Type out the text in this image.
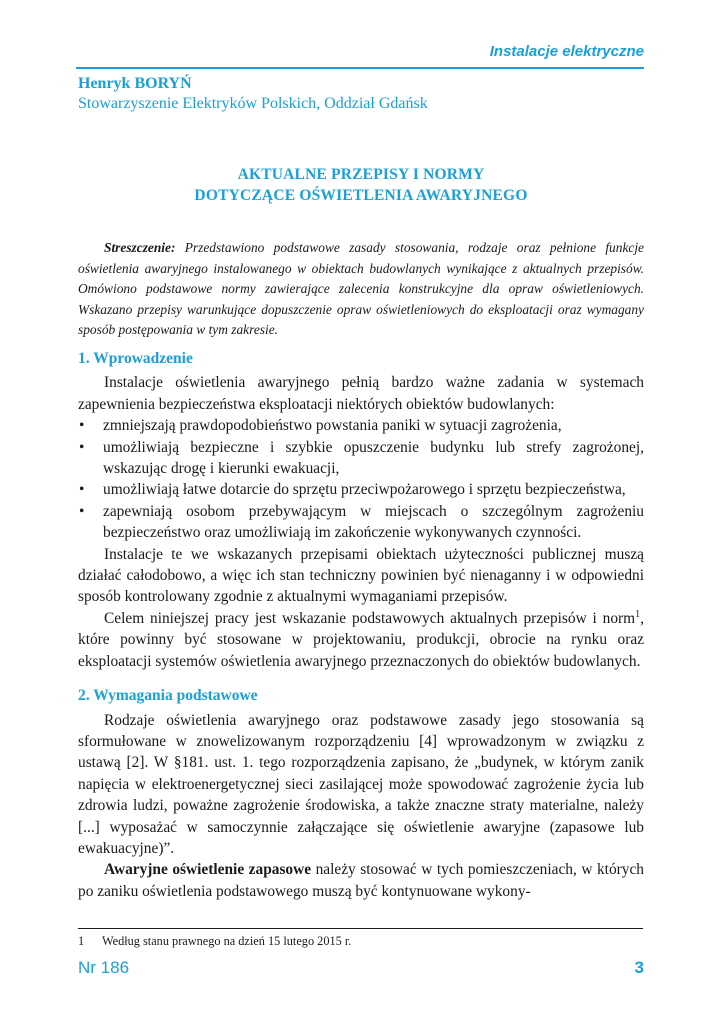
Instalacje elektryczne
Henryk BORYŃ
Stowarzyszenie Elektryków Polskich, Oddział Gdańsk
AKTUALNE PRZEPISY I NORMY
DOTYCZĄCE OŚWIETLENIA AWARYJNEGO
Streszczenie: Przedstawiono podstawowe zasady stosowania, rodzaje oraz pełnione funkcje oświetlenia awaryjnego instalowanego w obiektach budowlanych wynikające z aktualnych przepisów. Omówiono podstawowe normy zawierające zalecenia konstrukcyjne dla opraw oświetleniowych. Wskazano przepisy warunkujące dopuszczenie opraw oświetleniowych do eksploatacji oraz wymagany sposób postępowania w tym zakresie.
1. Wprowadzenie

Instalacje oświetlenia awaryjnego pełnią bardzo ważne zadania w systemach zapewnienia bezpieczeństwa eksploatacji niektórych obiektów budowlanych:

• zmniejszają prawdopodobieństwo powstania paniki w sytuacji zagrożenia,
• umożliwiają bezpieczne i szybkie opuszczenie budynku lub strefy zagrożonej, wskazując drogę i kierunki ewakuacji,
• umożliwiają łatwe dotarcie do sprzętu przeciwpożarowego i sprzętu bezpieczeństwa,
• zapewniają osobom przebywającym w miejscach o szczególnym zagrożeniu bezpieczeństwo oraz umożliwiają im zakończenie wykonywanych czynności.

Instalacje te we wskazanych przepisami obiektach użyteczności publicznej muszą działać całodobowo, a więc ich stan techniczny powinien być nienaganny i w odpowiedni sposób kontrolowany zgodnie z aktualnymi wymaganiami przepisów.

Celem niniejszej pracy jest wskazanie podstawowych aktualnych przepisów i norm$^1$, które powinny być stosowane w projektowaniu, produkcji, obrocie na rynku oraz eksploatacji systemów oświetlenia awaryjnego przeznaczonych do obiektów budowlanych.

2. Wymagania podstawowe

Rodzaje oświetlenia awaryjnego oraz podstawowe zasady jego stosowania są sformułowane w znowelizowanym rozporządzeniu [4] wprowadzonym w związku z ustawą [2]. W §181. ust. 1. tego rozporządzenia zapisano, że „budynek, w którym zanik napięcia w elektroenergetycznej sieci zasilającej może spowodować zagrożenie życia lub zdrowia ludzi, poważne zagrożenie środowiska, a także znaczne straty materialne, należy [...] wyposażać w samoczynnie załączające się oświetlenie awaryjne (zapasowe lub ewakuacyjne)”.

Awaryjne oświetlenie zapasowe należy stosować w tych pomieszczeniach, w których po zaniku oświetlenia podstawowego muszą być kontynuowane wykony-

1 Według stanu prawnego na dzień 15 lutego 2015 r.
Nr 186	3
